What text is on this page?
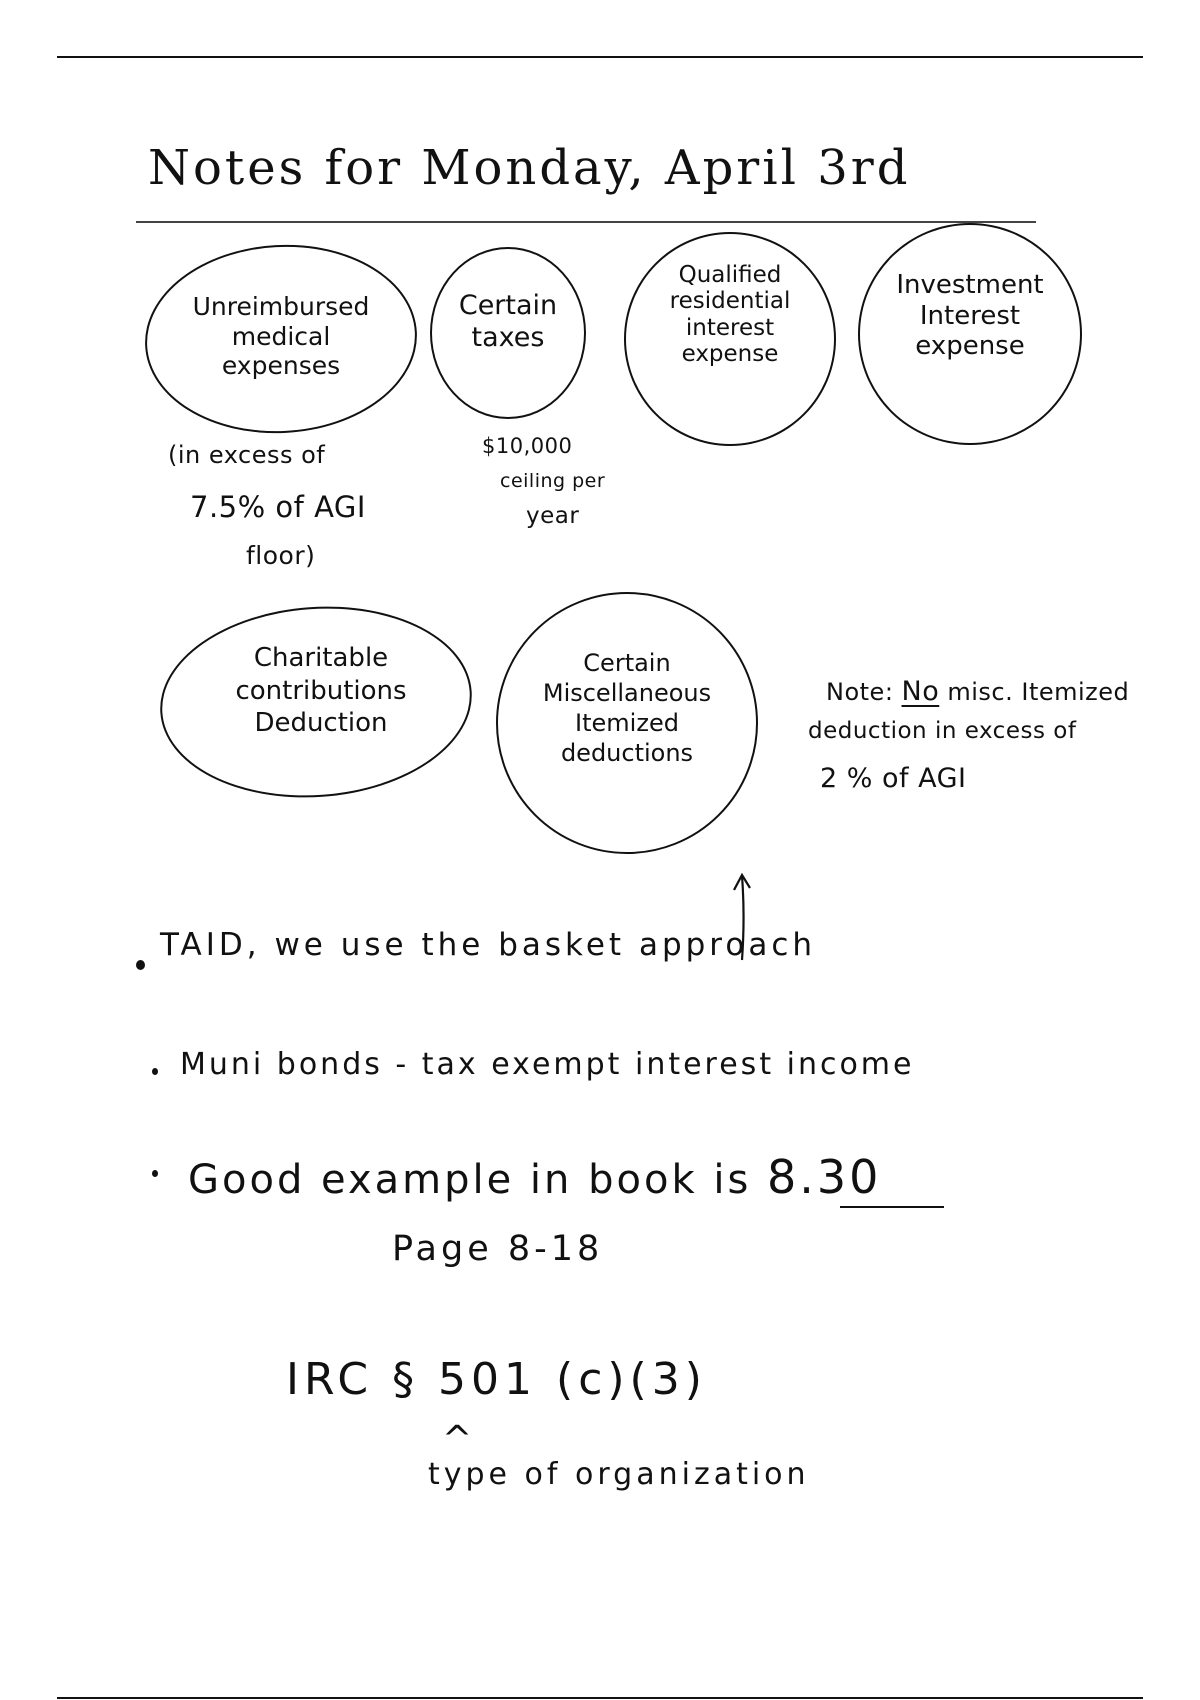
Notes for Monday, April 3rd
Unreimbursed
medical
expenses
Certain
taxes
Qualified
residential
interest
expense
Investment
Interest
expense
(in excess of
7.5% of AGI
floor)
$10,000
ceiling per
year
Charitable
contributions
Deduction
Certain
Miscellaneous
Itemized
deductions
Note: No misc. Itemized
deduction in excess of
2 % of AGI
TAID, we use the basket approach
Muni bonds - tax exempt interest income
Good example in book is 8.30
Page 8-18
IRC § 501 (c)(3)
^
type of organization
